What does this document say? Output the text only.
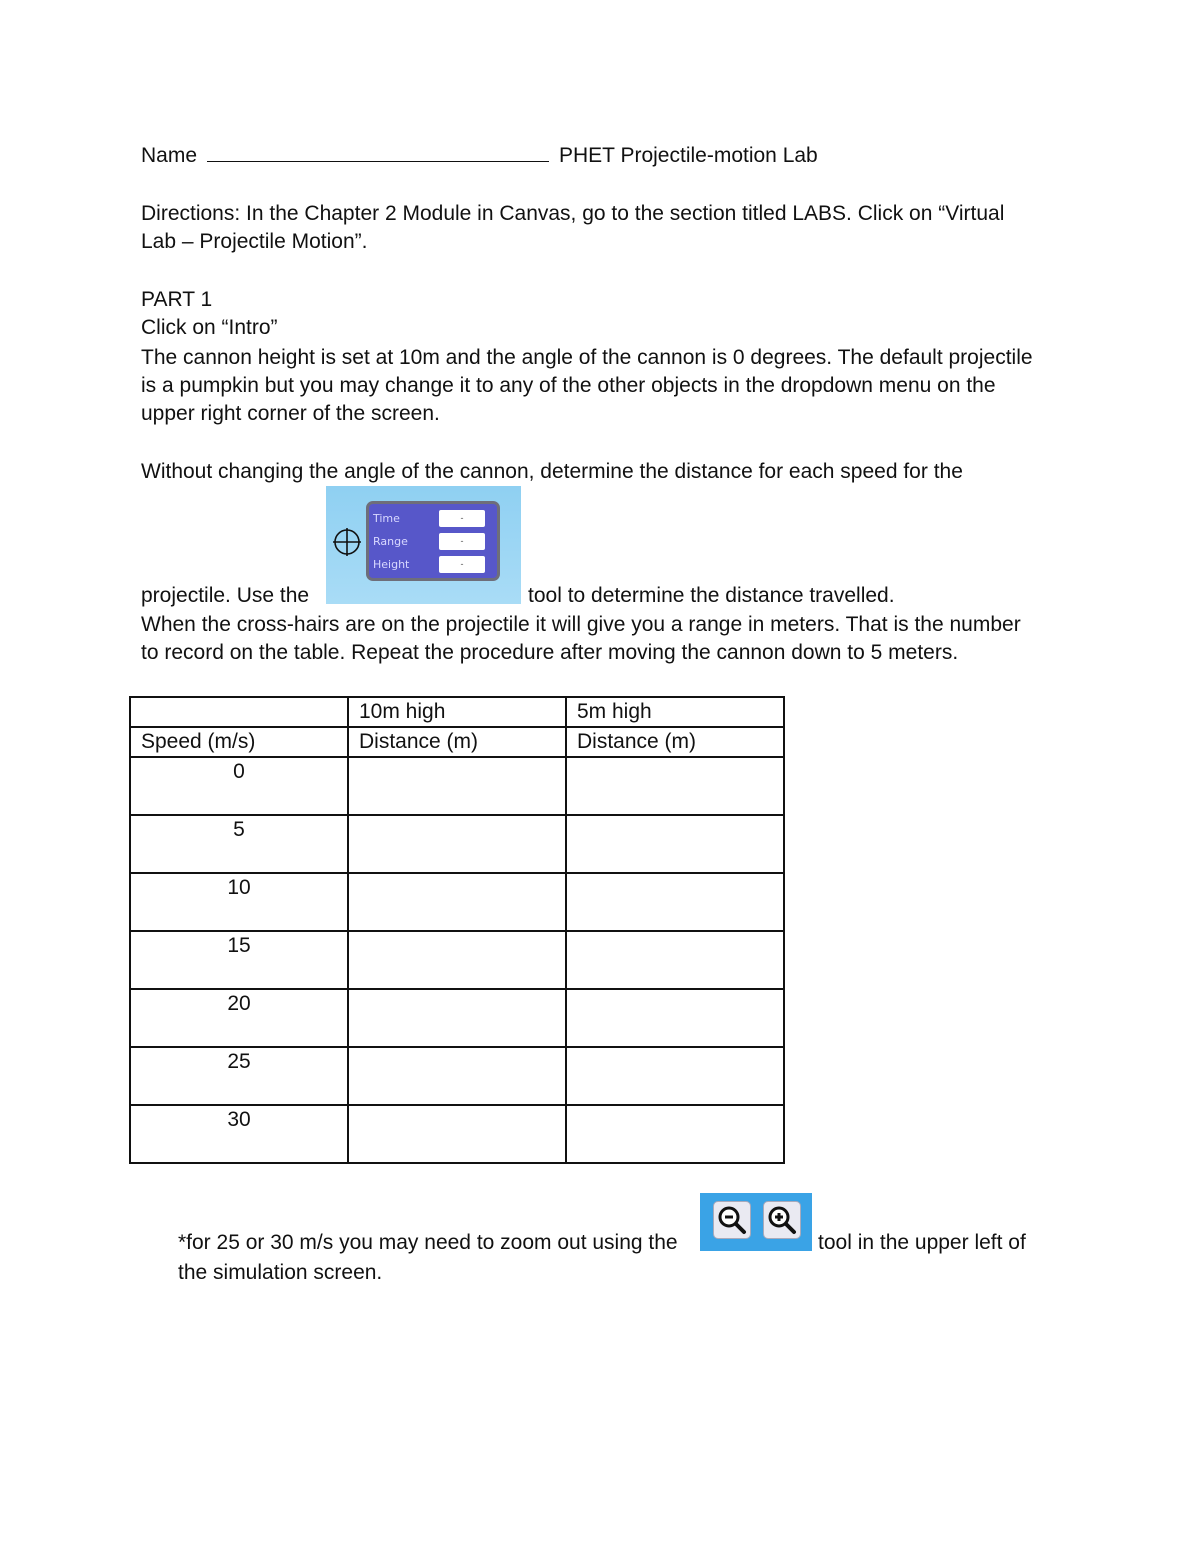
Name	PHET Projectile-motion Lab
Directions: In the Chapter 2 Module in Canvas, go to the section titled LABS. Click on “Virtual
Lab – Projectile Motion”.
PART 1
Click on “Intro”
The cannon height is set at 10m and the angle of the cannon is 0 degrees. The default projectile
is a pumpkin but you may change it to any of the other objects in the dropdown menu on the
upper right corner of the screen.
Without changing the angle of the cannon, determine the distance for each speed for the
Time	-
Range	-
Height	-
projectile. Use the	tool to determine the distance travelled.
When the cross-hairs are on the projectile it will give you a range in meters. That is the number
to record on the table. Repeat the procedure after moving the cannon down to 5 meters.
	10m high	5m high
Speed (m/s)	Distance (m)	Distance (m)
0		
5		
10		
15		
20		
25		
30		
*for 25 or 30 m/s you may need to zoom out using the	tool in the upper left of
the simulation screen.
